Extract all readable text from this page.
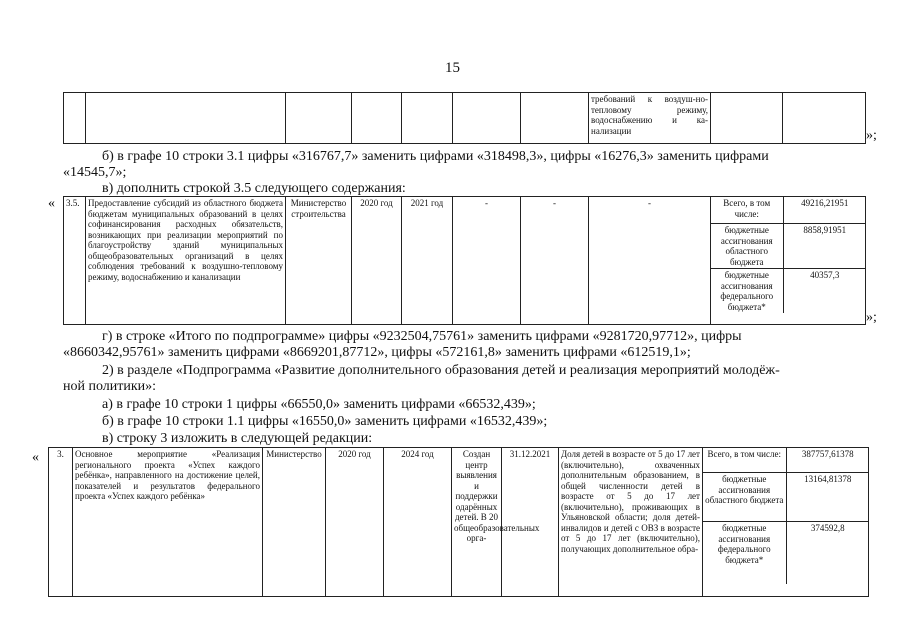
15
							требований к воздуш-но-тепловому режиму, водоснабжению и ка-нализации			»;
б) в графе 10 строки 3.1 цифры «316767,7» заменить цифрами «318498,3», цифры «16276,3» заменить цифрами
«14545,7»;
в) дополнить строкой 3.5 следующего содержания:
« 3.5.	Предоставление субсидий из областного бюджета бюджетам муниципальных образований в целях софинансирования расходных обязательств, возникающих при реализации мероприятий по благоустройству зданий муниципальных общеобразовательных организаций в целях соблюдения требований к воздушно-тепловому режиму, водоснабжению и канализации	Министерство строительства	2020 год	2021 год	-	-	-		Всего, в том числе:	49216,21951
бюджетные ассигнования областного бюджета	8858,91951
бюджетные ассигнования федерального бюджета*	40357,3
»;
г) в строке «Итого по подпрограмме» цифры «9232504,75761» заменить цифрами «9281720,97712», цифры
«8660342,95761» заменить цифрами «8669201,87712», цифры «572161,8» заменить цифрами «612519,1»;
2) в разделе «Подпрограмма «Развитие дополнительного образования детей и реализация мероприятий молодёж-
ной политики»:
а) в графе 10 строки 1 цифры «66550,0» заменить цифрами «66532,439»;
б) в графе 10 строки 1.1 цифры «16550,0» заменить цифрами «16532,439»;
в) строку 3 изложить в следующей редакции:
« 3.	Основное мероприятие «Реализация регионального проекта «Успех каждого ребёнка», направленного на достижение целей, показателей и результатов федерального проекта «Успех каждого ребёнка»	Министерство	2020 год	2024 год	Создан центр выявления и поддержки одарённых детей. В 20 общеобразовательных орга-	31.12.2021	Доля детей в возрасте от 5 до 17 лет (включительно), охваченных дополнительным образованием, в общей численности детей в возрасте от 5 до 17 лет (включительно), проживающих в Ульяновской области; доля детей-инвалидов и детей с ОВЗ в возрасте от 5 до 17 лет (включительно), получающих дополнительное обра-	
Всего, в том числе:	387757,61378
бюджетные ассигнования областного бюджета	13164,81378
бюджетные ассигнования федерального бюджета*	374592,8
